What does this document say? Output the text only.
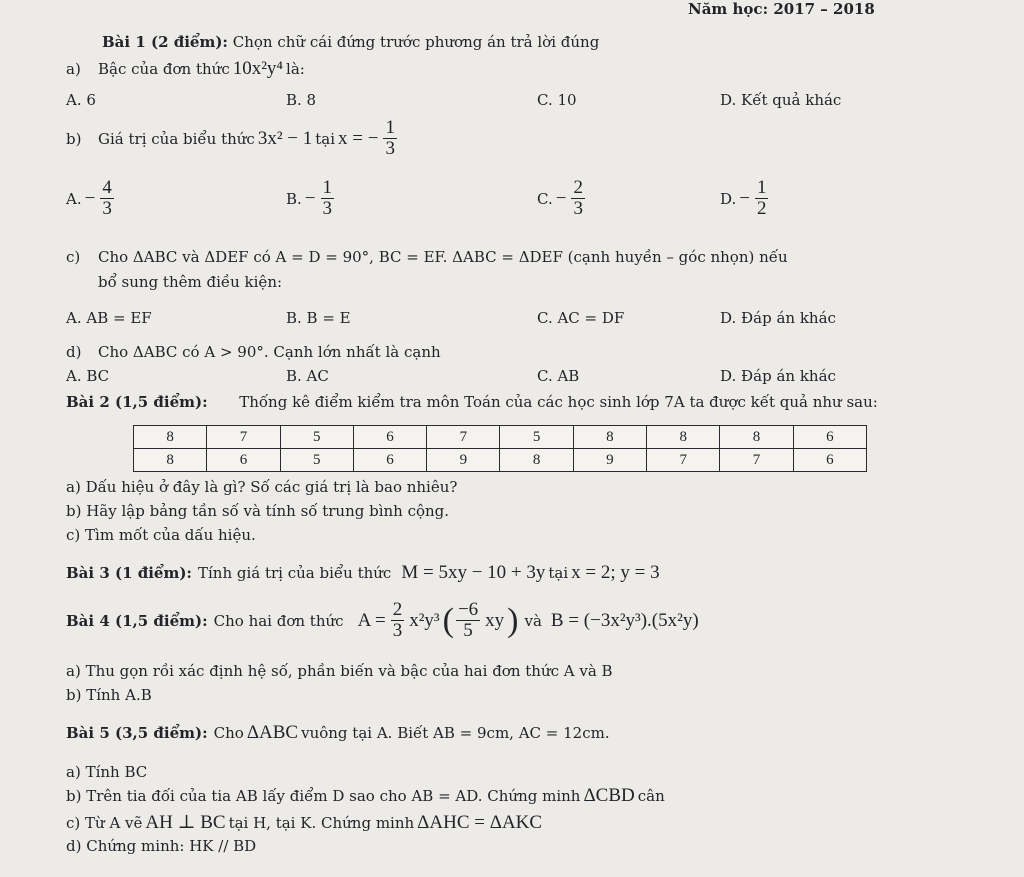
Năm học: 2017 – 2018
Bài 1 (2 điểm): Chọn chữ cái đứng trước phương án trả lời đúng
a)	Bậc của đơn thức 10x²y⁴ là:
A. 6	B. 8	C. 10	D. Kết quả khác
b)	Giá trị của biểu thức 3x² − 1 tại x = − $\frac{1}{3}$
A. − $\frac{4}{3}$	B. − $\frac{1}{3}$	C. − $\frac{2}{3}$	D. − $\frac{1}{2}$
c) Cho ΔABC và ΔDEF có A = D = 90°, BC = EF. ΔABC = ΔDEF (cạnh huyền – góc nhọn) nếu
bổ sung thêm điều kiện:
A. AB = EF	B. B = E	C. AC = DF	D. Đáp án khác
d) Cho ΔABC có A > 90°. Cạnh lớn nhất là cạnh
A. BC	B. AC	C. AB	D. Đáp án khác
Bài 2 (1,5 điểm): Thống kê điểm kiểm tra môn Toán của các học sinh lớp 7A ta được kết quả như sau:
8	7	5	6	7	5	8	8	8	6
8	6	5	6	9	8	9	7	7	6
a) Dấu hiệu ở đây là gì? Số các giá trị là bao nhiêu?
b) Hãy lập bảng tần số và tính số trung bình cộng.
c) Tìm mốt của dấu hiệu.
Bài 3 (1 điểm): Tính giá trị của biểu thức M = 5xy − 10 + 3y tại x = 2; y = 3
Bài 4 (1,5 điểm): Cho hai đơn thức $A = \frac{2}{3} x^2y^3$ ( $\frac{-6}{5}$ xy ) và B = (−3x²y³).(5x²y)
a) Thu gọn rồi xác định hệ số, phần biến và bậc của hai đơn thức A và B
b) Tính A.B
Bài 5 (3,5 điểm): Cho ΔABC vuông tại A. Biết AB = 9cm, AC = 12cm.
a) Tính BC
b) Trên tia đối của tia AB lấy điểm D sao cho AB = AD. Chứng minh ΔCBD cân
c) Từ A vẽ AH ⊥ BC tại H, tại K. Chứng minh ΔAHC = ΔAKC
d) Chứng minh: HK // BD
